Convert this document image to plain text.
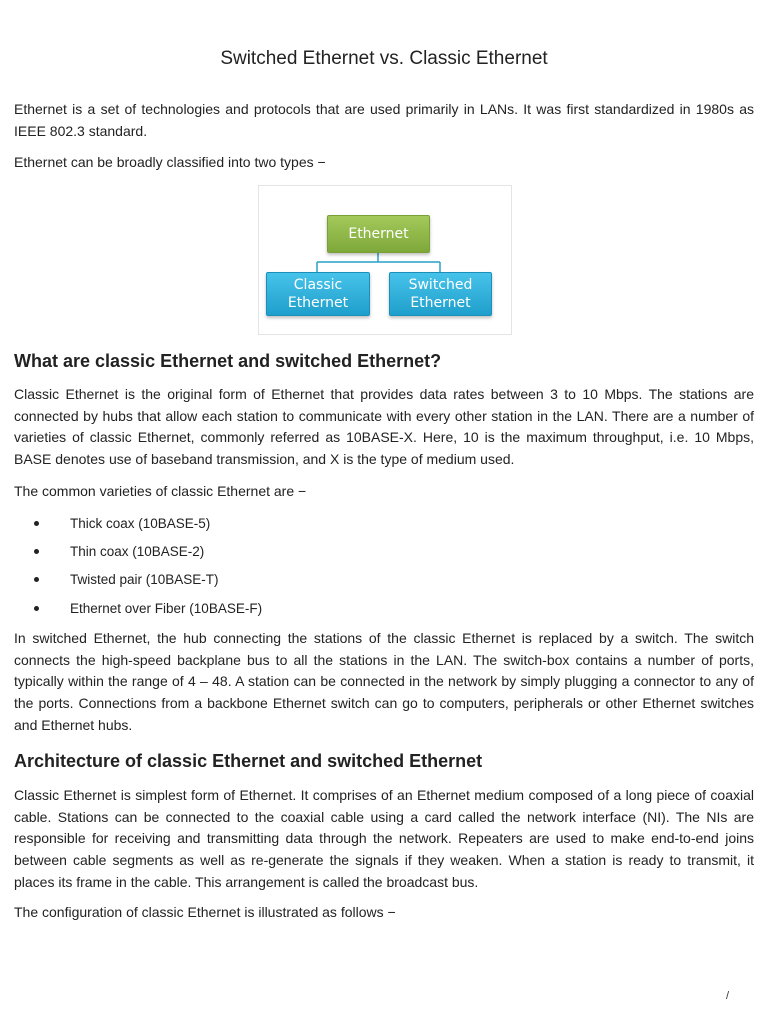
Switched Ethernet vs. Classic Ethernet

Ethernet is a set of technologies and protocols that are used primarily in LANs. It was first standardized in 1980s as IEEE 802.3 standard.

Ethernet can be broadly classified into two types −

Ethernet
Classic
Ethernet
Switched
Ethernet
What are classic Ethernet and switched Ethernet?

Classic Ethernet is the original form of Ethernet that provides data rates between 3 to 10 Mbps. The stations are connected by hubs that allow each station to communicate with every other station in the LAN. There are a number of varieties of classic Ethernet, commonly referred as 10BASE-X. Here, 10 is the maximum throughput, i.e. 10 Mbps, BASE denotes use of baseband transmission, and X is the type of medium used.

The common varieties of classic Ethernet are −

Thick coax (10BASE-5)
Thin coax (10BASE-2)
Twisted pair (10BASE-T)
Ethernet over Fiber (10BASE-F)

In switched Ethernet, the hub connecting the stations of the classic Ethernet is replaced by a switch. The switch connects the high-speed backplane bus to all the stations in the LAN. The switch-box contains a number of ports, typically within the range of 4 – 48. A station can be connected in the network by simply plugging a connector to any of the ports. Connections from a backbone Ethernet switch can go to computers, peripherals or other Ethernet switches and Ethernet hubs.

Architecture of classic Ethernet and switched Ethernet

Classic Ethernet is simplest form of Ethernet. It comprises of an Ethernet medium composed of a long piece of coaxial cable. Stations can be connected to the coaxial cable using a card called the network interface (NI). The NIs are responsible for receiving and transmitting data through the network. Repeaters are used to make end-to-end joins between cable segments as well as re-generate the signals if they weaken. When a station is ready to transmit, it places its frame in the cable. This arrangement is called the broadcast bus.

The configuration of classic Ethernet is illustrated as follows −

/
